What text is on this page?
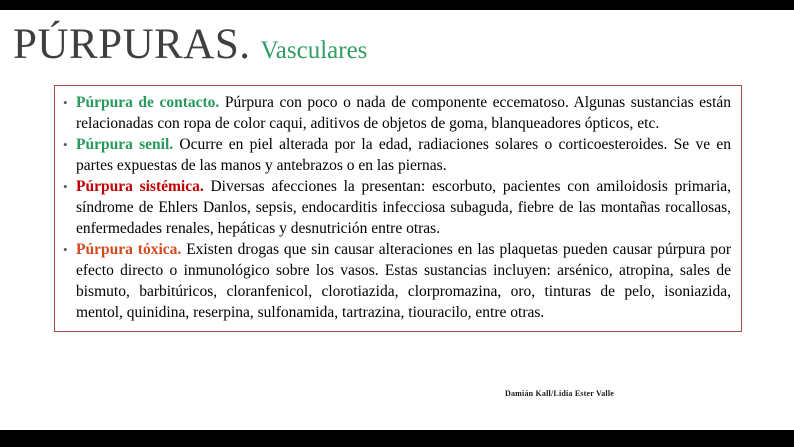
PÚRPURAS. Vasculares
• Púrpura de contacto. Púrpura con poco o nada de componente eccematoso. Algunas sustancias están relacionadas con ropa de color caqui, aditivos de objetos de goma, blanqueadores ópticos, etc.
• Púrpura senil. Ocurre en piel alterada por la edad, radiaciones solares o corticoesteroides. Se ve en partes expuestas de las manos y antebrazos o en las piernas.
• Púrpura sistémica. Diversas afecciones la presentan: escorbuto, pacientes con amiloidosis primaria, síndrome de Ehlers Danlos, sepsis, endocarditis infecciosa subaguda, fiebre de las montañas rocallosas, enfermedades renales, hepáticas y desnutrición entre otras.
• Púrpura tóxica. Existen drogas que sin causar alteraciones en las plaquetas pueden causar púrpura por efecto directo o inmunológico sobre los vasos. Estas sustancias incluyen: arsénico, atropina, sales de bismuto, barbitúricos, cloranfenicol, clorotiazida, clorpromazina, oro, tinturas de pelo, isoniazida, mentol, quinidina, reserpina, sulfonamida, tartrazina, tiouracilo, entre otras.
Damián Kall/Lidia Ester Valle
